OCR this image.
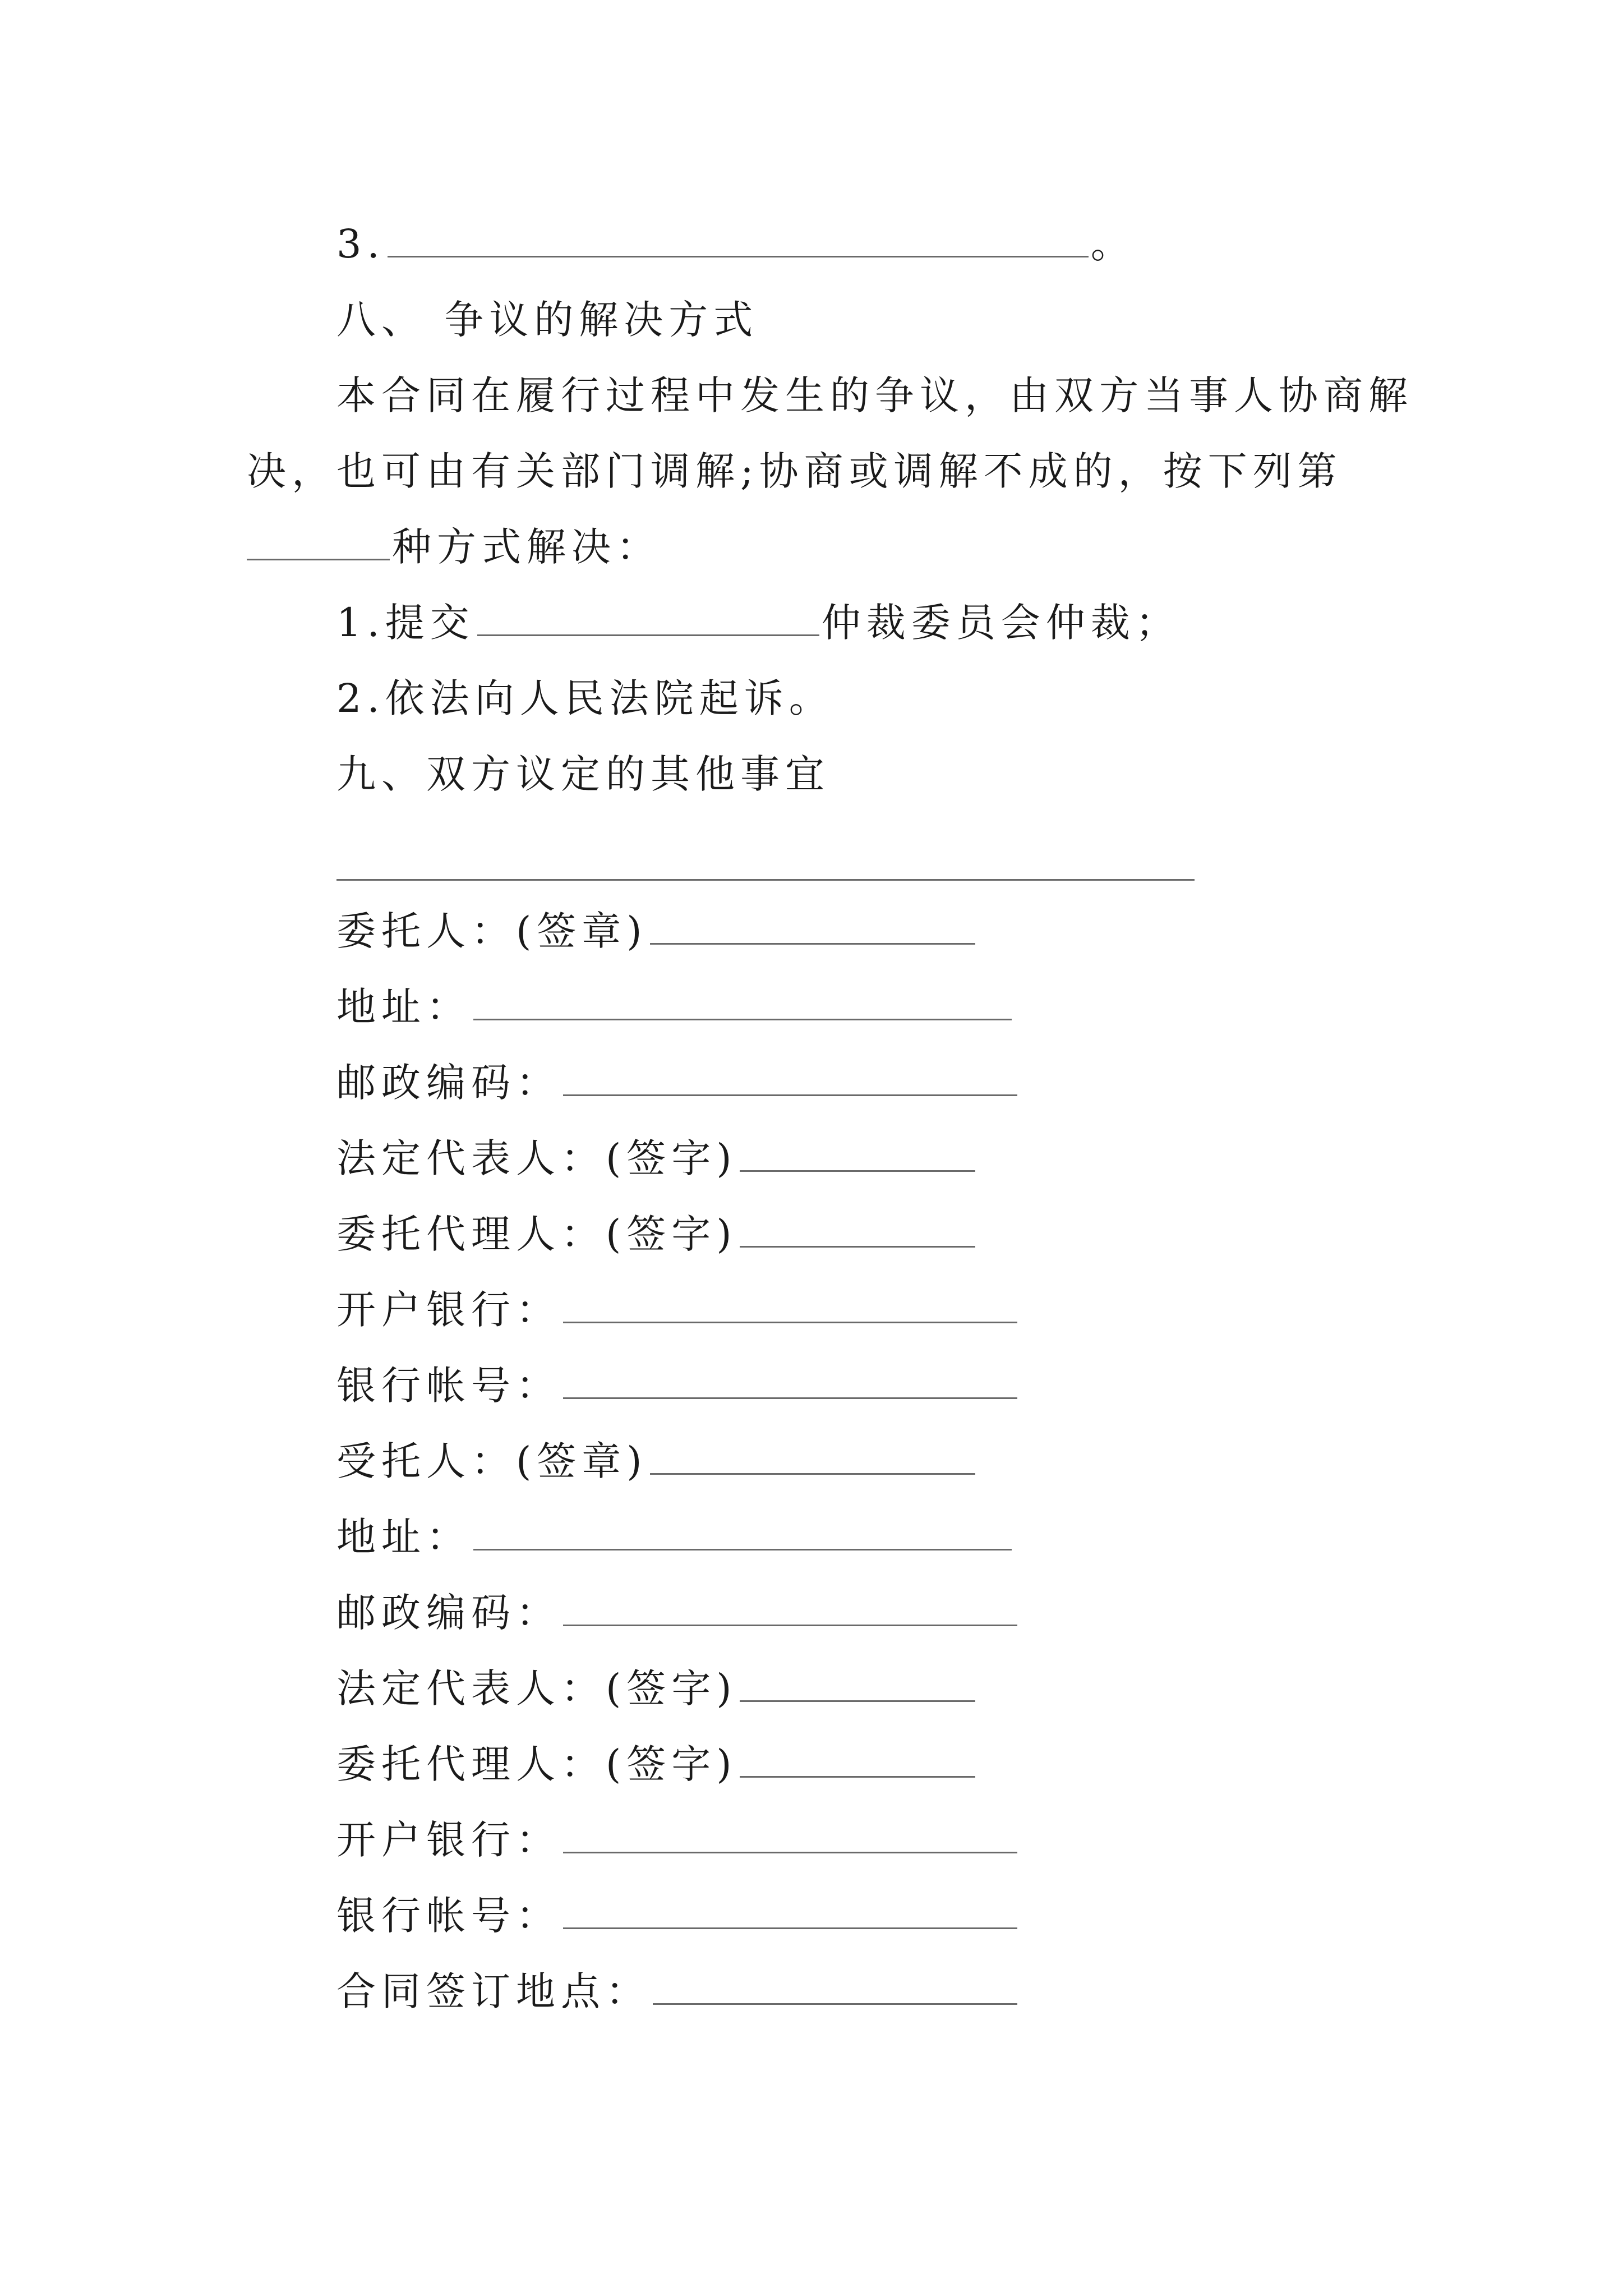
3.	。
八、 争议的解决方式
本合同在履行过程中发生的争议，由双方当事人协商解
决，也可由有关部门调解;协商或调解不成的，按下列第
种方式解决：
1.提交	仲裁委员会仲裁；
2.依法向人民法院起诉。
九、双方议定的其他事宜
委托人：(签章)
地址：
邮政编码：
法定代表人：(签字)
委托代理人：(签字)
开户银行：
银行帐号：
受托人：(签章)
地址：
邮政编码：
法定代表人：(签字)
委托代理人：(签字)
开户银行：
银行帐号：
合同签订地点：
